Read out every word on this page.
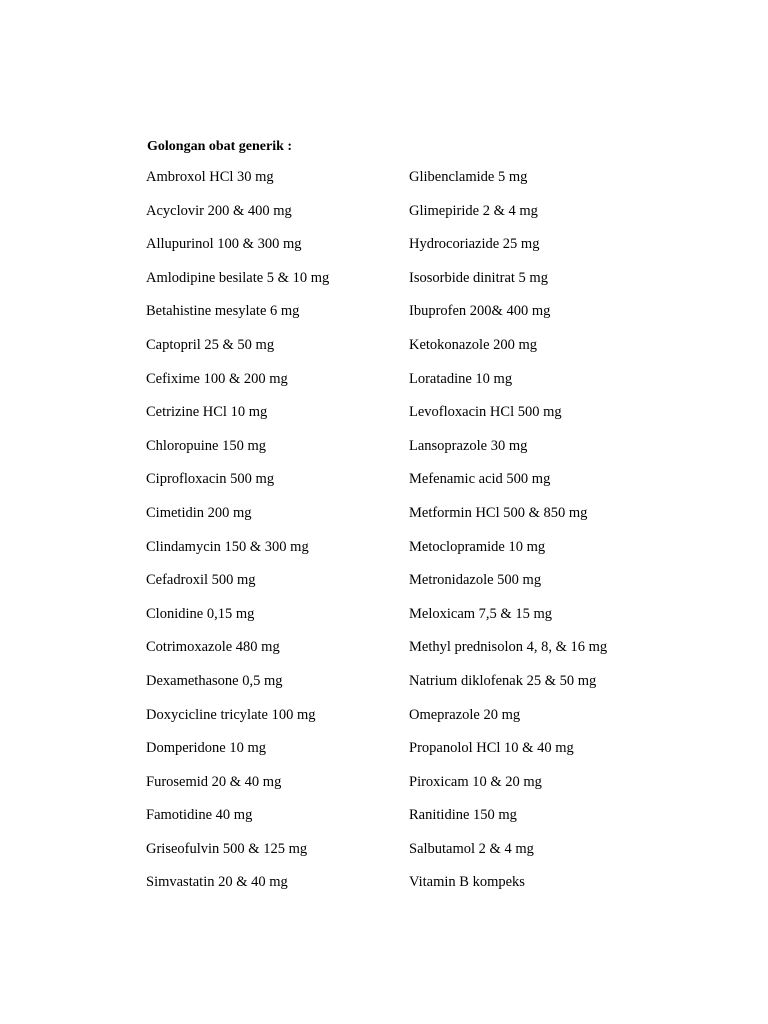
Golongan obat generik :
Ambroxol HCl 30 mg
Acyclovir 200 & 400 mg
Allupurinol 100 & 300 mg
Amlodipine besilate 5 & 10 mg
Betahistine mesylate 6 mg
Captopril 25 & 50 mg
Cefixime 100 & 200 mg
Cetrizine HCl 10 mg
Chloropuine 150 mg
Ciprofloxacin 500 mg
Cimetidin 200 mg
Clindamycin 150 & 300 mg
Cefadroxil 500 mg
Clonidine 0,15 mg
Cotrimoxazole 480 mg
Dexamethasone 0,5 mg
Doxycicline tricylate 100 mg
Domperidone 10 mg
Furosemid 20 & 40 mg
Famotidine 40 mg
Griseofulvin 500 & 125 mg
Simvastatin 20 & 40 mg
Glibenclamide 5 mg
Glimepiride 2 & 4 mg
Hydrocoriazide 25 mg
Isosorbide dinitrat 5 mg
Ibuprofen 200& 400 mg
Ketokonazole 200 mg
Loratadine 10 mg
Levofloxacin HCl 500 mg
Lansoprazole 30 mg
Mefenamic acid 500 mg
Metformin HCl 500 & 850 mg
Metoclopramide 10 mg
Metronidazole 500 mg
Meloxicam 7,5 & 15 mg
Methyl prednisolon 4, 8, & 16 mg
Natrium diklofenak 25 & 50 mg
Omeprazole 20 mg
Propanolol HCl 10 & 40 mg
Piroxicam 10 & 20 mg
Ranitidine 150 mg
Salbutamol 2 & 4 mg
Vitamin B kompeks
